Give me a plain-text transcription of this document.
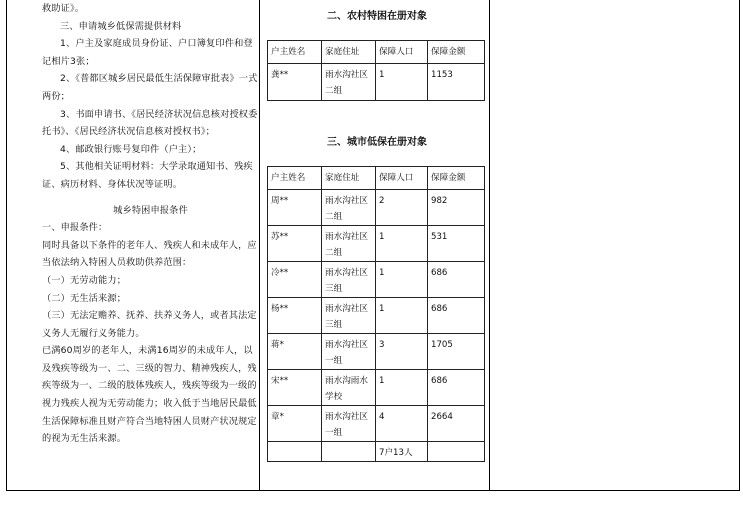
救助证》。

三、申请城乡低保需提供材料

1、户主及家庭成员身份证、户口簿复印件和登记相片3张；

2、《普都区城乡居民最低生活保障审批表》一式两份；

3、书面申请书、《居民经济状况信息核对授权委托书》、《居民经济状况信息核对授权书》；

4、邮政银行账号复印件（户主）；

5、其他相关证明材料：大学录取通知书、残疾证、病历材料、身体状况等证明。

城乡特困申报条件

一、申报条件：

同时具备以下条件的老年人、残疾人和未成年人，应当依法纳入特困人员救助供养范围：

（一）无劳动能力；

（二）无生活来源；

（三）无法定赡养、抚养、扶养义务人，或者其法定义务人无履行义务能力。

已满60周岁的老年人，未满16周岁的未成年人，以及残疾等级为一、二、三级的智力、精神残疾人，残疾等级为一、二级的肢体残疾人，残疾等级为一级的视力残疾人视为无劳动能力；收入低于当地居民最低生活保障标准且财产符合当地特困人员财产状况规定的视为无生活来源。

二、农村特困在册对象
户主姓名	家庭住址	保障人口	保障金额
龚**	雨水沟社区二组	1	1153
三、城市低保在册对象
户主姓名	家庭住址	保障人口	保障金额
周**	雨水沟社区二组	2	982
苏**	雨水沟社区二组	1	531
冷**	雨水沟社区三组	1	686
杨**	雨水沟社区三组	1	686
蒋*	雨水沟社区一组	3	1705
宋**	雨水沟雨水学校	1	686
章*	雨水沟社区一组	4	2664
		7户13人	
